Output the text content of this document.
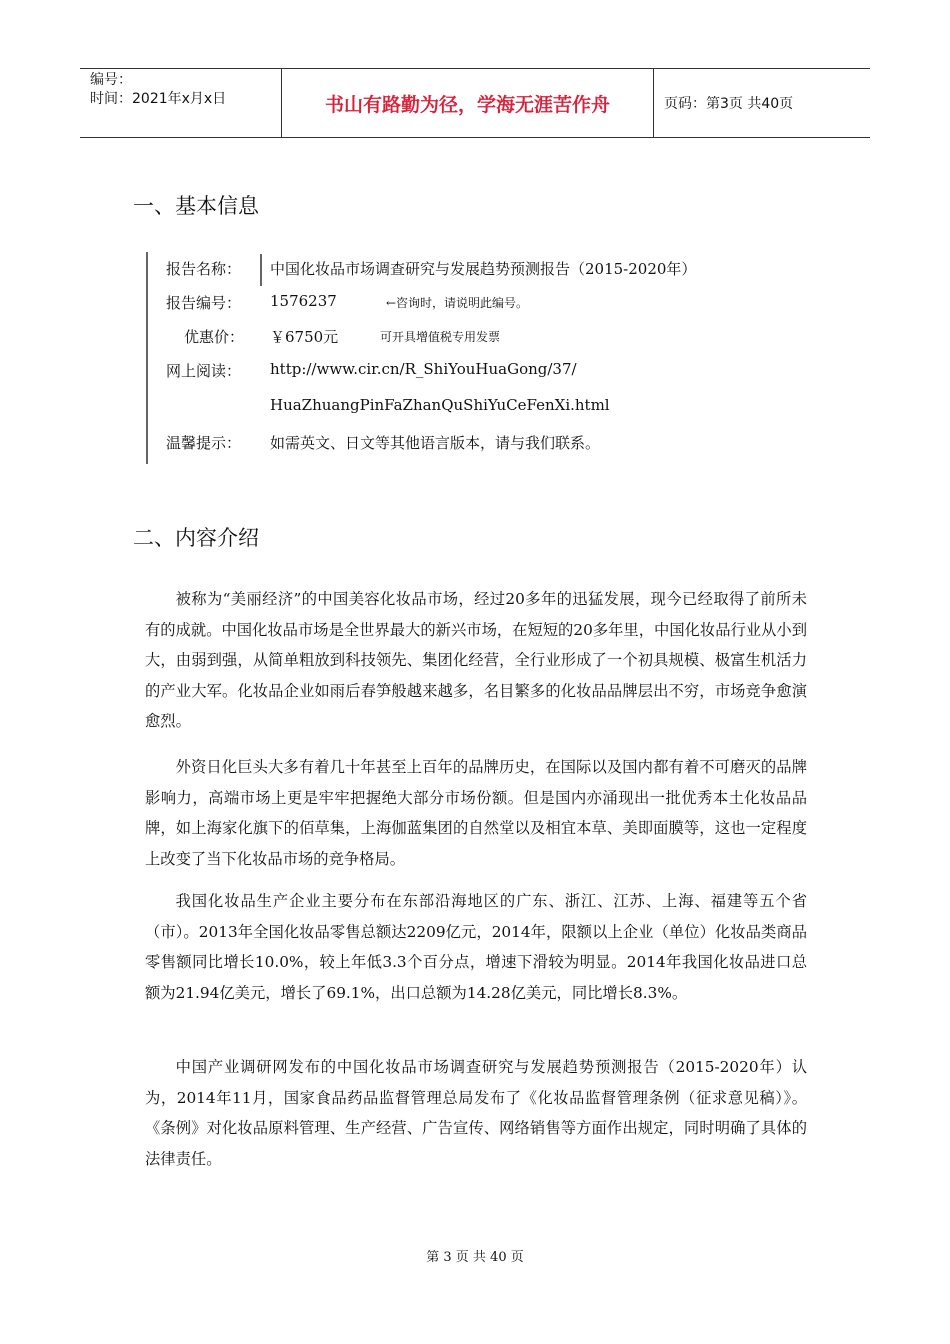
编号：
时间：2021年x月x日	书山有路勤为径，学海无涯苦作舟	页码：第3页 共40页
一、基本信息
报告名称：	中国化妆品市场调查研究与发展趋势预测报告（2015-2020年）
报告编号：	1576237	←咨询时，请说明此编号。
优惠价：	￥6750元	可开具增值税专用发票
网上阅读：	http://www.cir.cn/R_ShiYouHuaGong/37/
HuaZhuangPinFaZhanQuShiYuCeFenXi.html
温馨提示：	如需英文、日文等其他语言版本，请与我们联系。
二、内容介绍

被称为“美丽经济”的中国美容化妆品市场，经过20多年的迅猛发展，现今已经取得了前所未有的成就。中国化妆品市场是全世界最大的新兴市场，在短短的20多年里，中国化妆品行业从小到大，由弱到强，从简单粗放到科技领先、集团化经营，全行业形成了一个初具规模、极富生机活力的产业大军。化妆品企业如雨后春笋般越来越多，名目繁多的化妆品品牌层出不穷，市场竞争愈演愈烈。

外资日化巨头大多有着几十年甚至上百年的品牌历史，在国际以及国内都有着不可磨灭的品牌影响力，高端市场上更是牢牢把握绝大部分市场份额。但是国内亦涌现出一批优秀本土化妆品品牌，如上海家化旗下的佰草集，上海伽蓝集团的自然堂以及相宜本草、美即面膜等，这也一定程度上改变了当下化妆品市场的竞争格局。

我国化妆品生产企业主要分布在东部沿海地区的广东、浙江、江苏、上海、福建等五个省（市）。2013年全国化妆品零售总额达2209亿元，2014年，限额以上企业（单位）化妆品类商品零售额同比增长10.0%，较上年低3.3个百分点，增速下滑较为明显。2014年我国化妆品进口总额为21.94亿美元，增长了69.1%，出口总额为14.28亿美元，同比增长8.3%。

中国产业调研网发布的中国化妆品市场调查研究与发展趋势预测报告（2015-2020年）认为，2014年11月，国家食品药品监督管理总局发布了《化妆品监督管理条例（征求意见稿）》。《条例》对化妆品原料管理、生产经营、广告宣传、网络销售等方面作出规定，同时明确了具体的法律责任。

第 3 页 共 40 页
